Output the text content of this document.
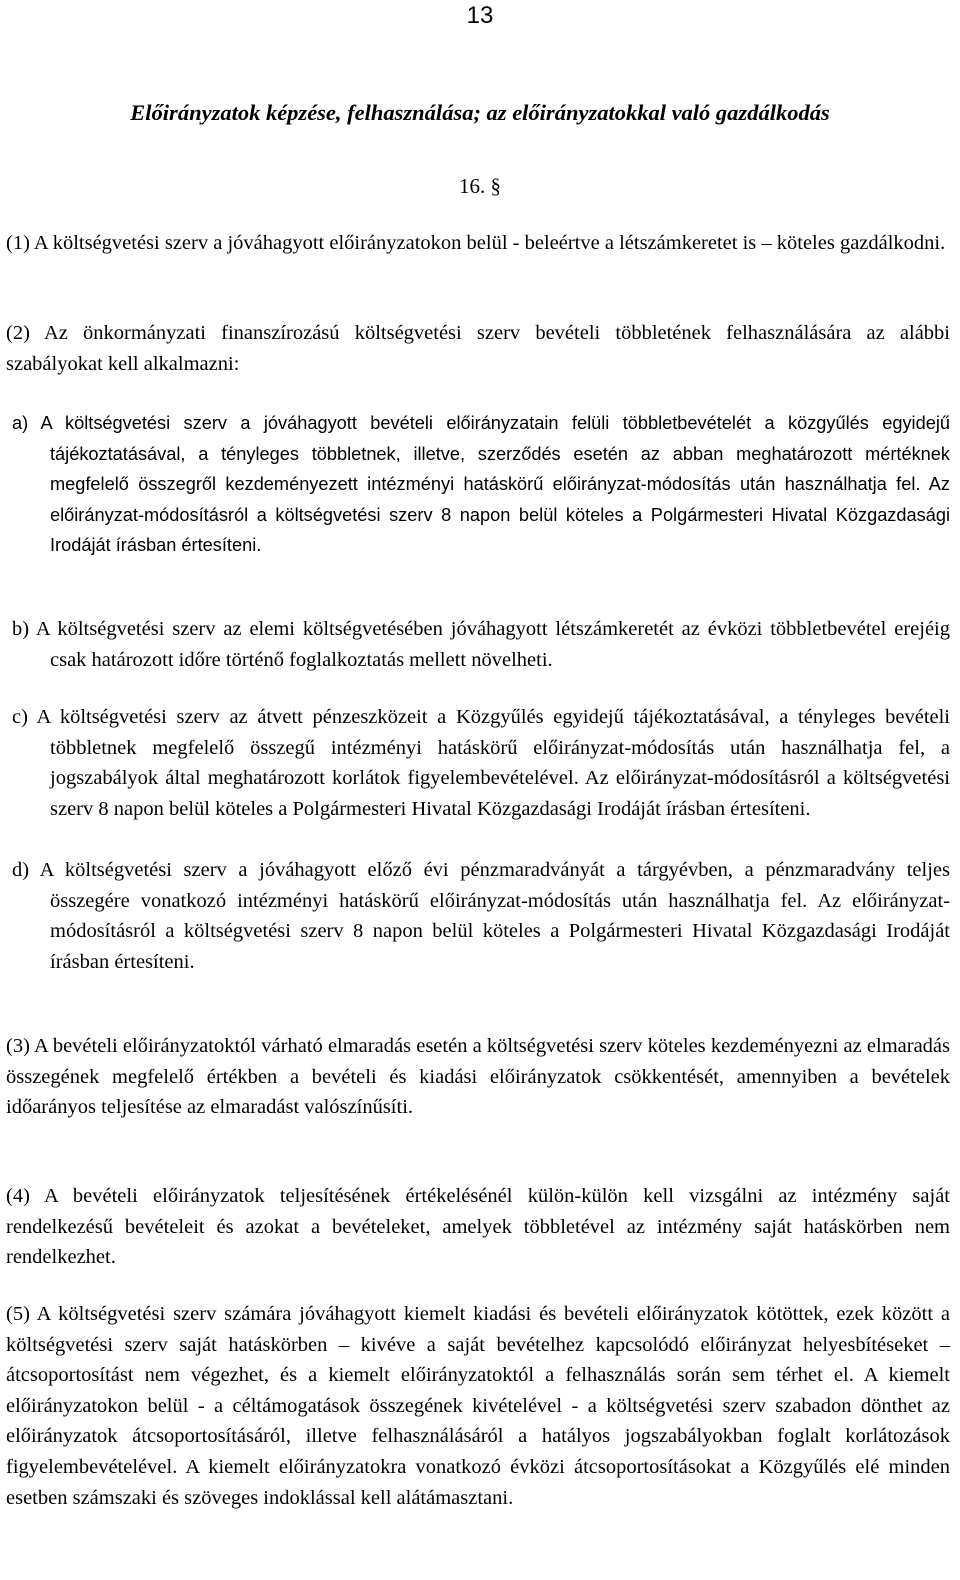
13
Előirányzatok képzése, felhasználása; az előirányzatokkal való gazdálkodás
16. §

(1) A költségvetési szerv a jóváhagyott előirányzatokon belül - beleértve a létszámkeretet is – köteles gazdálkodni.

(2) Az önkormányzati finanszírozású költségvetési szerv bevételi többletének felhasználására az alábbi szabályokat kell alkalmazni:

a) A költségvetési szerv a jóváhagyott bevételi előirányzatain felüli többletbevételét a közgyűlés egyidejű tájékoztatásával, a tényleges többletnek, illetve, szerződés esetén az abban meghatározott mértéknek megfelelő összegről kezdeményezett intézményi hatáskörű előirányzat-módosítás után használhatja fel. Az előirányzat-módosításról a költségvetési szerv 8 napon belül köteles a Polgármesteri Hivatal Közgazdasági Irodáját írásban értesíteni.

b) A költségvetési szerv az elemi költségvetésében jóváhagyott létszámkeretét az évközi többletbevétel erejéig csak határozott időre történő foglalkoztatás mellett növelheti.

c) A költségvetési szerv az átvett pénzeszközeit a Közgyűlés egyidejű tájékoztatásával, a tényleges bevételi többletnek megfelelő összegű intézményi hatáskörű előirányzat-módosítás után használhatja fel, a jogszabályok által meghatározott korlátok figyelembevételével. Az előirányzat-módosításról a költségvetési szerv 8 napon belül köteles a Polgármesteri Hivatal Közgazdasági Irodáját írásban értesíteni.

d) A költségvetési szerv a jóváhagyott előző évi pénzmaradványát a tárgyévben, a pénzmaradvány teljes összegére vonatkozó intézményi hatáskörű előirányzat-módosítás után használhatja fel. Az előirányzat-módosításról a költségvetési szerv 8 napon belül köteles a Polgármesteri Hivatal Közgazdasági Irodáját írásban értesíteni.

(3) A bevételi előirányzatoktól várható elmaradás esetén a költségvetési szerv köteles kezdeményezni az elmaradás összegének megfelelő értékben a bevételi és kiadási előirányzatok csökkentését, amennyiben a bevételek időarányos teljesítése az elmaradást valószínűsíti.

(4) A bevételi előirányzatok teljesítésének értékelésénél külön-külön kell vizsgálni az intézmény saját rendelkezésű bevételeit és azokat a bevételeket, amelyek többletével az intézmény saját hatáskörben nem rendelkezhet.

(5) A költségvetési szerv számára jóváhagyott kiemelt kiadási és bevételi előirányzatok kötöttek, ezek között a költségvetési szerv saját hatáskörben – kivéve a saját bevételhez kapcsolódó előirányzat helyesbítéseket – átcsoportosítást nem végezhet, és a kiemelt előirányzatoktól a felhasználás során sem térhet el. A kiemelt előirányzatokon belül - a céltámogatások összegének kivételével - a költségvetési szerv szabadon dönthet az előirányzatok átcsoportosításáról, illetve felhasználásáról a hatályos jogszabályokban foglalt korlátozások figyelembevételével. A kiemelt előirányzatokra vonatkozó évközi átcsoportosításokat a Közgyűlés elé minden esetben számszaki és szöveges indoklással kell alátámasztani.
